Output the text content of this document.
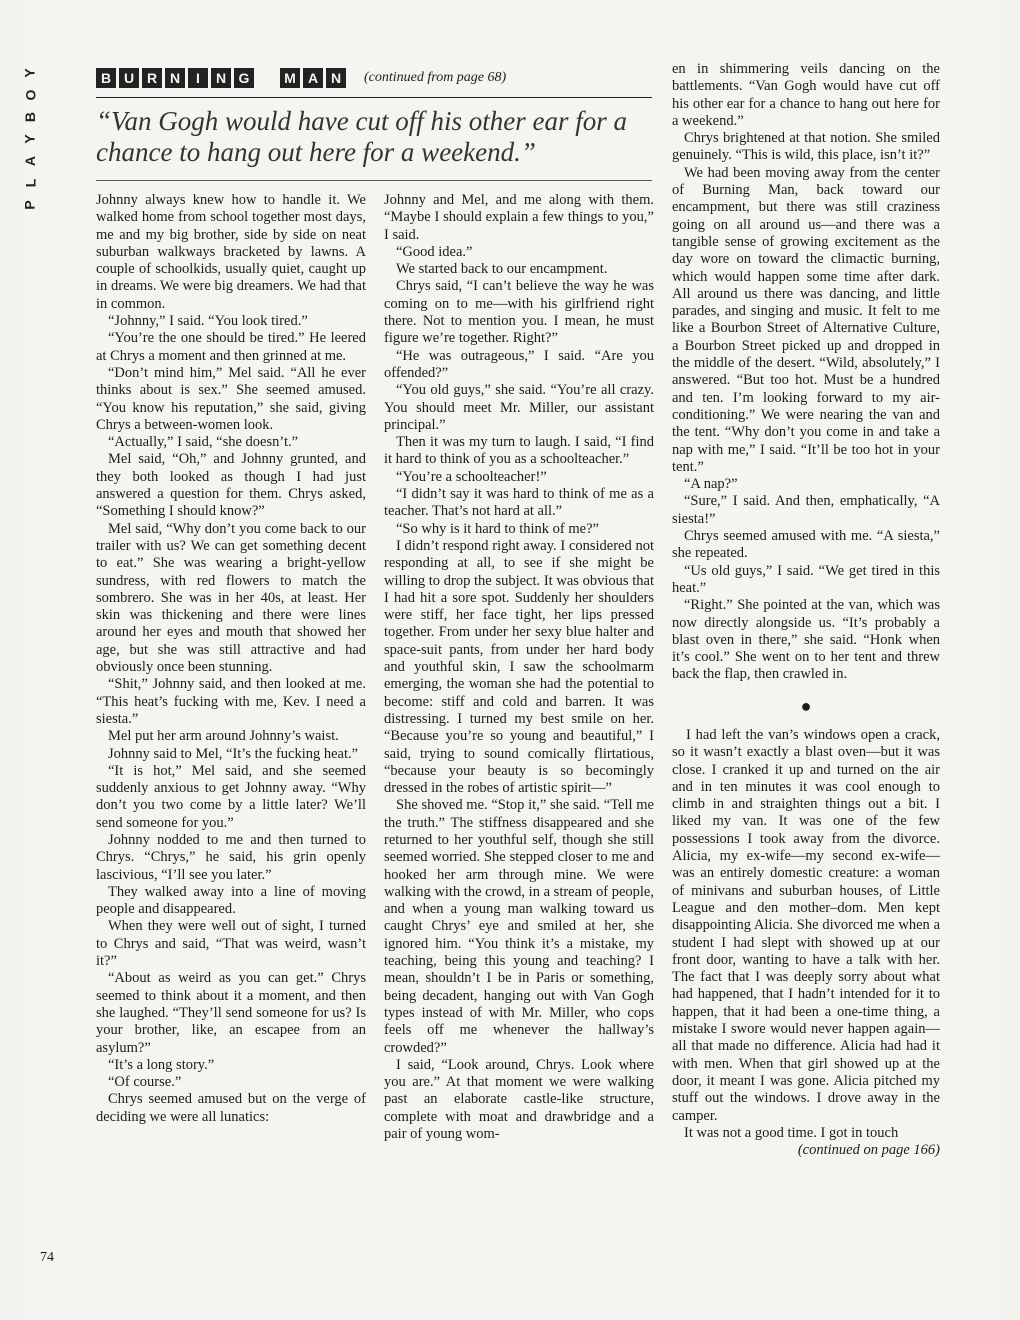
Y
O
B
Y
A
L
P
B U R N	I	N G	M A N	(continued from page 68)

“Van Gogh would have cut off his other ear for a chance to hang out here for a weekend.”

Johnny always knew how to handle it. We walked home from school together most days, me and my big brother, side by side on neat suburban walkways bracketed by lawns. A couple of schoolkids, usually quiet, caught up in dreams. We were big dreamers. We had that in common.

“Johnny,” I said. “You look tired.”

“You’re the one should be tired.” He leered at Chrys a moment and then grinned at me.

“Don’t mind him,” Mel said. “All he ever thinks about is sex.” She seemed amused. “You know his reputation,” she said, giving Chrys a between-women look.

“Actually,” I said, “she doesn’t.”

Mel said, “Oh,” and Johnny grunted, and they both looked as though I had just answered a question for them. Chrys asked, “Something I should know?”

Mel said, “Why don’t you come back to our trailer with us? We can get something decent to eat.” She was wearing a bright-yellow sundress, with red flowers to match the sombrero. She was in her 40s, at least. Her skin was thickening and there were lines around her eyes and mouth that showed her age, but she was still attractive and had obviously once been stunning.

“Shit,” Johnny said, and then looked at me. “This heat’s fucking with me, Kev. I need a siesta.”

Mel put her arm around Johnny’s waist.

Johnny said to Mel, “It’s the fucking heat.”

“It is hot,” Mel said, and she seemed suddenly anxious to get Johnny away. “Why don’t you two come by a little later? We’ll send someone for you.”

Johnny nodded to me and then turned to Chrys. “Chrys,” he said, his grin openly lascivious, “I’ll see you later.”

They walked away into a line of moving people and disappeared.

When they were well out of sight, I turned to Chrys and said, “That was weird, wasn’t it?”

“About as weird as you can get.” Chrys seemed to think about it a moment, and then she laughed. “They’ll send someone for us? Is your brother, like, an escapee from an asylum?”

“It’s a long story.”

“Of course.”

Chrys seemed amused but on the verge of deciding we were all lunatics:

Johnny and Mel, and me along with them. “Maybe I should explain a few things to you,” I said.

“Good idea.”

We started back to our encampment.

Chrys said, “I can’t believe the way he was coming on to me—with his girlfriend right there. Not to mention you. I mean, he must figure we’re together. Right?”

“He was outrageous,” I said. “Are you offended?”

“You old guys,” she said. “You’re all crazy. You should meet Mr. Miller, our assistant principal.”

Then it was my turn to laugh. I said, “I find it hard to think of you as a schoolteacher.”

“You’re a schoolteacher!”

“I didn’t say it was hard to think of me as a teacher. That’s not hard at all.”

“So why is it hard to think of me?”

I didn’t respond right away. I considered not responding at all, to see if she might be willing to drop the subject. It was obvious that I had hit a sore spot. Suddenly her shoulders were stiff, her face tight, her lips pressed together. From under her sexy blue halter and space-suit pants, from under her hard body and youthful skin, I saw the schoolmarm emerging, the woman she had the potential to become: stiff and cold and barren. It was distressing. I turned my best smile on her. “Because you’re so young and beautiful,” I said, trying to sound comically flirtatious, “because your beauty is so becomingly dressed in the robes of artistic spirit—”

She shoved me. “Stop it,” she said. “Tell me the truth.” The stiffness disappeared and she returned to her youthful self, though she still seemed worried. She stepped closer to me and hooked her arm through mine. We were walking with the crowd, in a stream of people, and when a young man walking toward us caught Chrys’ eye and smiled at her, she ignored him. “You think it’s a mistake, my teaching, being this young and teaching? I mean, shouldn’t I be in Paris or something, being decadent, hanging out with Van Gogh types instead of with Mr. Miller, who cops feels off me whenever the hallway’s crowded?”

I said, “Look around, Chrys. Look where you are.” At that moment we were walking past an elaborate castle-like structure, complete with moat and drawbridge and a pair of young wom-

en in shimmering veils dancing on the battlements. “Van Gogh would have cut off his other ear for a chance to hang out here for a weekend.”

Chrys brightened at that notion. She smiled genuinely. “This is wild, this place, isn’t it?”

We had been moving away from the center of Burning Man, back toward our encampment, but there was still craziness going on all around us—and there was a tangible sense of growing excitement as the day wore on toward the climactic burning, which would happen some time after dark. All around us there was dancing, and little parades, and singing and music. It felt to me like a Bourbon Street of Alternative Culture, a Bourbon Street picked up and dropped in the middle of the desert. “Wild, absolutely,” I answered. “But too hot. Must be a hundred and ten. I’m looking forward to my air-conditioning.” We were nearing the van and the tent. “Why don’t you come in and take a nap with me,” I said. “It’ll be too hot in your tent.”

“A nap?”

“Sure,” I said. And then, emphatically, “A siesta!”

Chrys seemed amused with me. “A siesta,” she repeated.

“Us old guys,” I said. “We get tired in this heat.”

“Right.” She pointed at the van, which was now directly alongside us. “It’s probably a blast oven in there,” she said. “Honk when it’s cool.” She went on to her tent and threw back the flap, then crawled in.

●

I had left the van’s windows open a crack, so it wasn’t exactly a blast oven—but it was close. I cranked it up and turned on the air and in ten minutes it was cool enough to climb in and straighten things out a bit. I liked my van. It was one of the few possessions I took away from the divorce. Alicia, my ex-wife—my second ex-wife—was an entirely domestic creature: a woman of minivans and suburban houses, of Little League and den mother–dom. Men kept disappointing Alicia. She divorced me when a student I had slept with showed up at our front door, wanting to have a talk with her. The fact that I was deeply sorry about what had happened, that I hadn’t intended for it to happen, that it had been a one-time thing, a mistake I swore would never happen again—all that made no difference. Alicia had had it with men. When that girl showed up at the door, it meant I was gone. Alicia pitched my stuff out the windows. I drove away in the camper.

It was not a good time. I got in touch

(continued on page 166)

74
